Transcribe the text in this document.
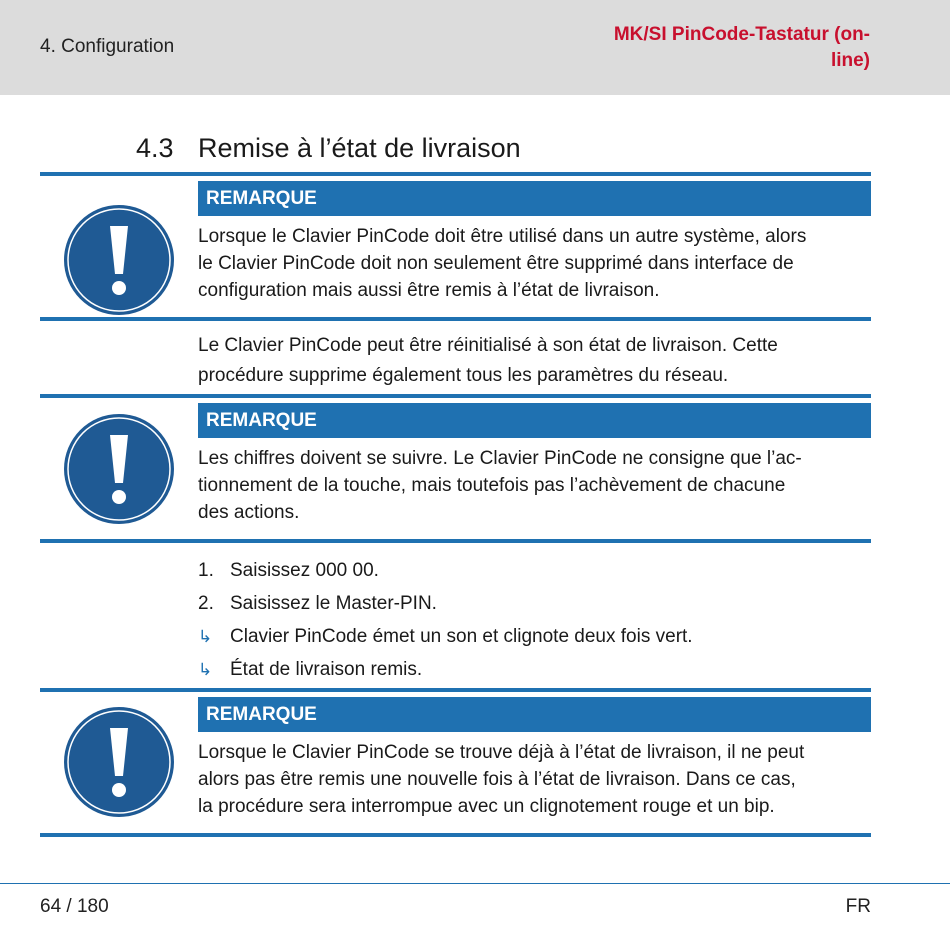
4. Configuration
MK/SI PinCode-Tastatur (on-
line)
4.3 Remise à l’état de livraison
REMARQUE
Lorsque le Clavier PinCode doit être utilisé dans un autre système, alors
le Clavier PinCode doit non seulement être supprimé dans interface de
configuration mais aussi être remis à l’état de livraison.
Le Clavier PinCode peut être réinitialisé à son état de livraison. Cette
procédure supprime également tous les paramètres du réseau.
REMARQUE
Les chiffres doivent se suivre. Le Clavier PinCode ne consigne que l’ac-
tionnement de la touche, mais toutefois pas l’achèvement de chacune
des actions.
1. Saisissez 000 00.
2. Saisissez le Master-PIN.
↳ Clavier PinCode émet un son et clignote deux fois vert.
↳ État de livraison remis.
REMARQUE
Lorsque le Clavier PinCode se trouve déjà à l’état de livraison, il ne peut
alors pas être remis une nouvelle fois à l’état de livraison. Dans ce cas,
la procédure sera interrompue avec un clignotement rouge et un bip.
64 / 180	FR
